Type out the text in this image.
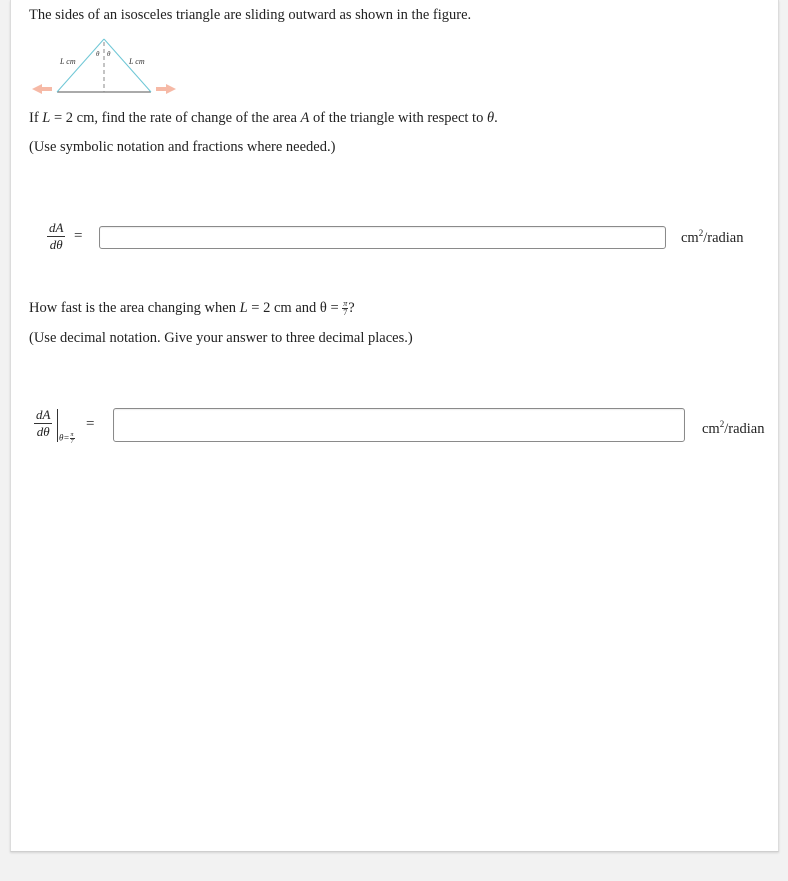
The sides of an isosceles triangle are sliding outward as shown in the figure.
L cm	L cm
θ θ
If L = 2 cm, find the rate of change of the area A of the triangle with respect to θ.
(Use symbolic notation and fractions where needed.)
dA
dθ
=	$cm^2$/radian
How fast is the area changing when L = 2 cm and $\theta = \frac{\pi}{7}$ ?
(Use decimal notation. Give your answer to three decimal places.)
dA
dθ	$\theta= \frac{\pi}{7}$
=	$cm^2$/radian
